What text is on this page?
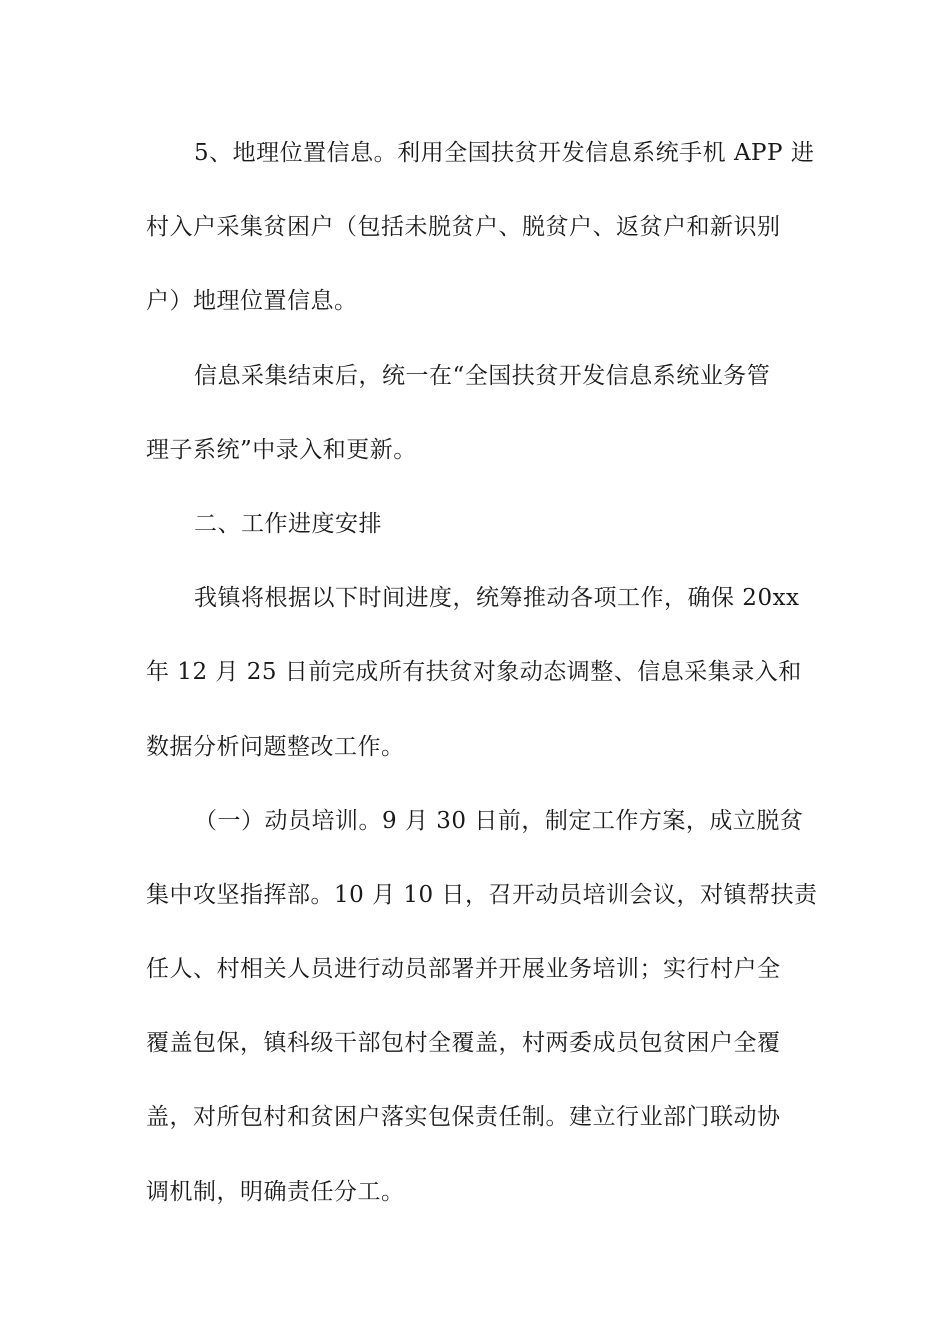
5、地理位置信息。利用全国扶贫开发信息系统手机 APP 进
村入户采集贫困户（包括未脱贫户、脱贫户、返贫户和新识别
户）地理位置信息。

信息采集结束后，统一在“全国扶贫开发信息系统业务管
理子系统”中录入和更新。

二、工作进度安排

我镇将根据以下时间进度，统筹推动各项工作，确保 20xx
年 12 月 25 日前完成所有扶贫对象动态调整、信息采集录入和
数据分析问题整改工作。

（一）动员培训。9 月 30 日前，制定工作方案，成立脱贫
集中攻坚指挥部。10 月 10 日，召开动员培训会议，对镇帮扶责
任人、村相关人员进行动员部署并开展业务培训；实行村户全
覆盖包保，镇科级干部包村全覆盖，村两委成员包贫困户全覆
盖，对所包村和贫困户落实包保责任制。建立行业部门联动协
调机制，明确责任分工。
